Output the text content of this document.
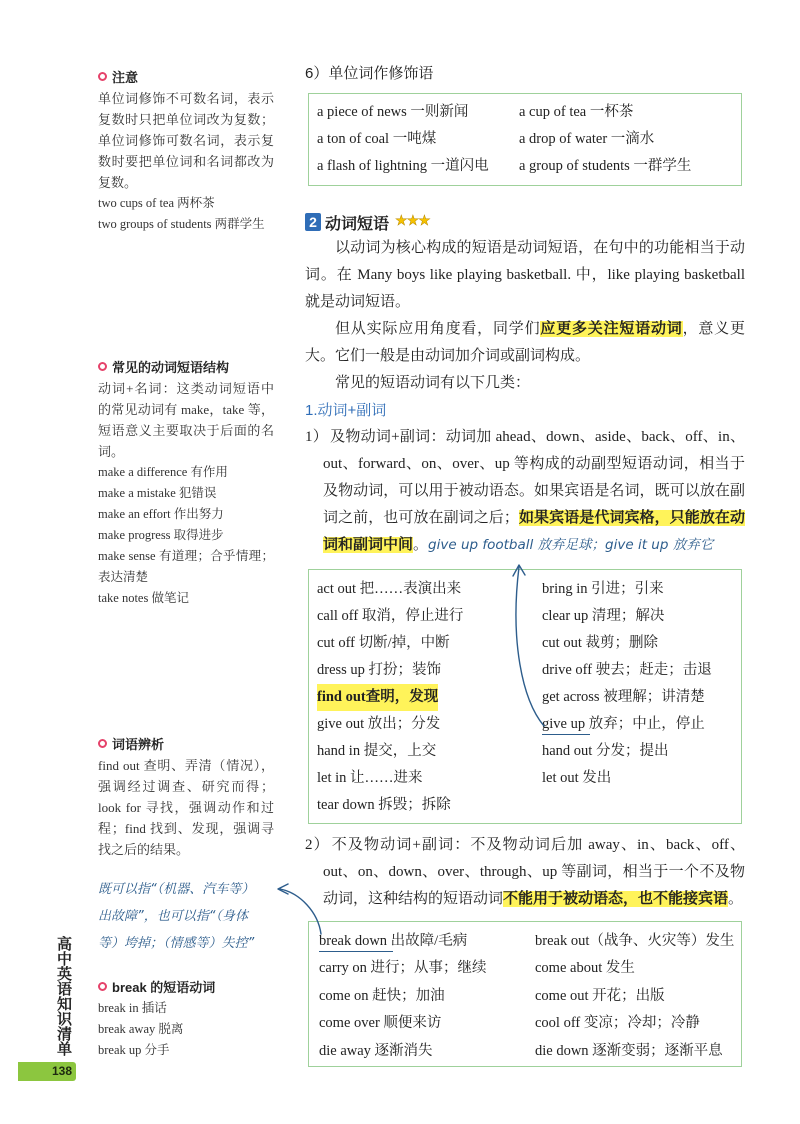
注意
单位词修饰不可数名词，表示复数时只把单位词改为复数；单位词修饰可数名词，表示复数时要把单位词和名词都改为复数。
two cups of tea 两杯茶
two groups of students 两群学生
常见的动词短语结构
动词+名词：这类动词短语中的常见动词有 make，take 等，短语意义主要取决于后面的名词。
make a difference 有作用
make a mistake 犯错误
make an effort 作出努力
make progress 取得进步
make sense 有道理；合乎情理；表达清楚
take notes 做笔记
词语辨析
find out 查明、弄清（情况），强调经过调查、研究而得；look for 寻找，强调动作和过程；find 找到、发现，强调寻找之后的结果。
既可以指“（机器、汽车等）
出故障”，也可以指“（身体
等）垮掉；（情感等）失控”
break 的短语动词
break in 插话
break away 脱离
break up 分手
高中英语知识清单
138
6）单位词作修饰语
a piece of news 一则新闻	a cup of tea 一杯茶
a ton of coal 一吨煤	a drop of water 一滴水
a flash of lightning 一道闪电 a group of students 一群学生
2 动词短语 ★ ★ ★

以动词为核心构成的短语是动词短语，在句中的功能相当于动词。在 Many boys like playing basketball. 中，like playing basketball 就是动词短语。

但从实际应用角度看，同学们应更多关注短语动词，意义更大。它们一般是由动词加介词或副词构成。

常见的短语动词有以下几类：

1.动词+副词

1） 及物动词+副词：动词加 ahead、down、aside、back、off、in、out、forward、on、over、up 等构成的动副型短语动词，相当于及物动词，可以用于被动语态。如果宾语是名词，既可以放在副词之前，也可放在副词之后；如果宾语是代词宾格，只能放在动词和副词中间。give up football 放弃足球；give it up 放弃它

act out 把……表演出来
call off 取消，停止进行
cut off 切断/掉，中断
dress up 打扮；装饰
find out查明，发现
give out 放出；分发
hand in 提交，上交
let in 让……进来
tear down 拆毁；拆除
bring in 引进；引来
clear up 清理；解决
cut out 裁剪；删除
drive off 驶去；赶走；击退
get across 被理解；讲清楚
give up 放弃；中止，停止
hand out 分发；提出
let out 发出

2） 不及物动词+副词：不及物动词后加 away、in、back、off、out、on、down、over、through、up 等副词，相当于一个不及物动词，这种结构的短语动词不能用于被动语态，也不能接宾语。

break down 出故障/毛病
carry on 进行；从事；继续
come on 赶快；加油
come over 顺便来访
die away 逐渐消失
break out（战争、火灾等）发生
come about 发生
come out 开花；出版
cool off 变凉；冷却；冷静
die down 逐渐变弱；逐渐平息
